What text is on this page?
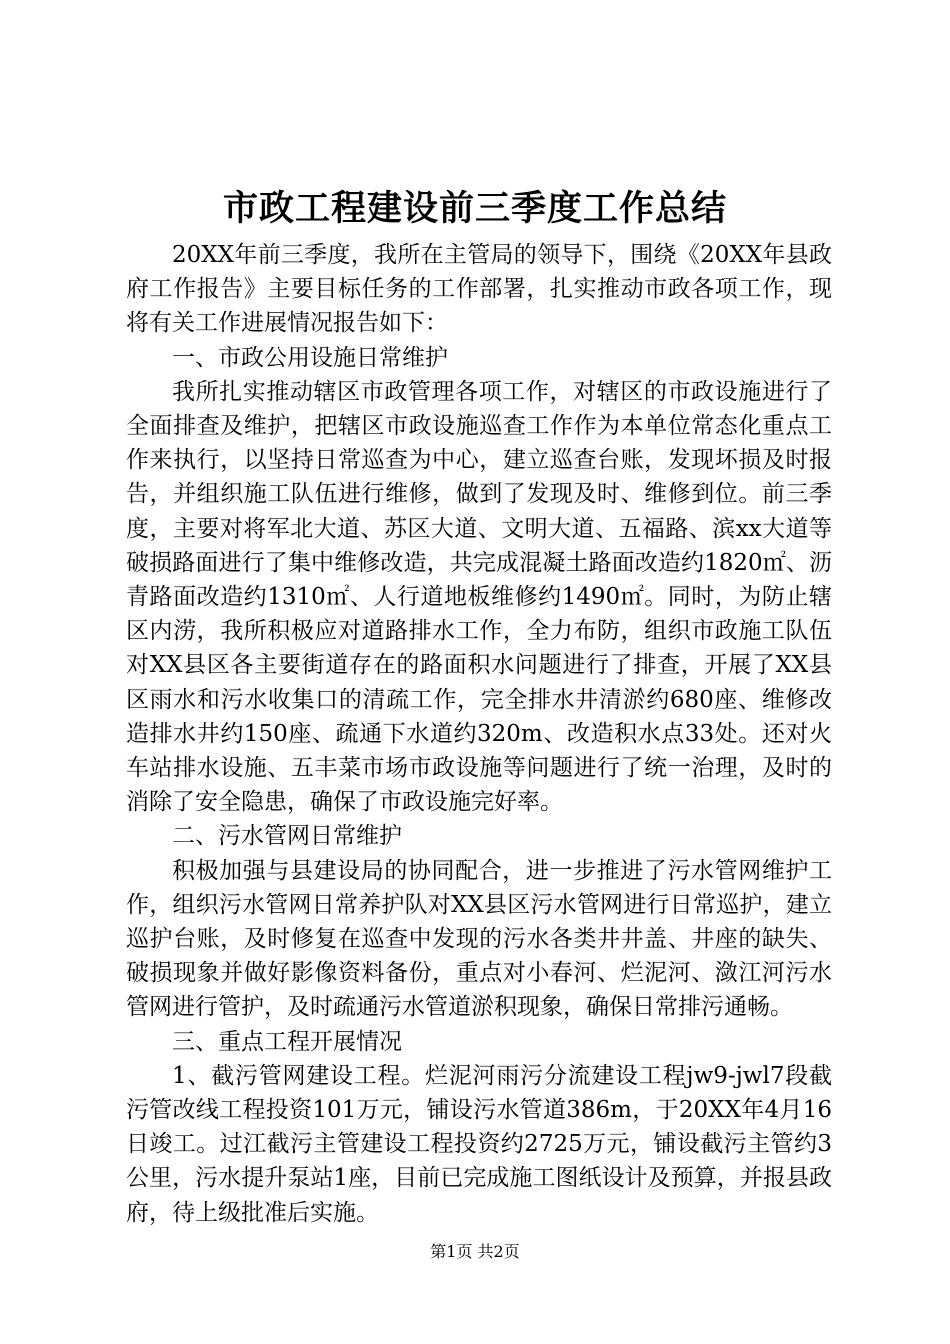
市政工程建设前三季度工作总结

20XX年前三季度，我所在主管局的领导下，围绕《20XX年县政府工作报告》主要目标任务的工作部署，扎实推动市政各项工作，现将有关工作进展情况报告如下：

一、市政公用设施日常维护

我所扎实推动辖区市政管理各项工作，对辖区的市政设施进行了全面排查及维护，把辖区市政设施巡查工作作为本单位常态化重点工作来执行，以坚持日常巡查为中心，建立巡查台账，发现坏损及时报告，并组织施工队伍进行维修，做到了发现及时、维修到位。前三季度，主要对将军北大道、苏区大道、文明大道、五福路、滨xx大道等破损路面进行了集中维修改造，共完成混凝土路面改造约1820㎡、沥青路面改造约1310㎡、人行道地板维修约1490㎡。同时，为防止辖区内涝，我所积极应对道路排水工作，全力布防，组织市政施工队伍对XX县区各主要街道存在的路面积水问题进行了排查，开展了XX县区雨水和污水收集口的清疏工作，完全排水井清淤约680座、维修改造排水井约150座、疏通下水道约320m、改造积水点33处。还对火车站排水设施、五丰菜市场市政设施等问题进行了统一治理，及时的消除了安全隐患，确保了市政设施完好率。

二、污水管网日常维护

积极加强与县建设局的协同配合，进一步推进了污水管网维护工作，组织污水管网日常养护队对XX县区污水管网进行日常巡护，建立巡护台账，及时修复在巡查中发现的污水各类井井盖、井座的缺失、破损现象并做好影像资料备份，重点对小春河、烂泥河、潋江河污水管网进行管护，及时疏通污水管道淤积现象，确保日常排污通畅。

三、重点工程开展情况

1、截污管网建设工程。烂泥河雨污分流建设工程jw9-jwl7段截污管改线工程投资101万元，铺设污水管道386m，于20XX年4月16日竣工。过江截污主管建设工程投资约2725万元，铺设截污主管约3公里，污水提升泵站1座，目前已完成施工图纸设计及预算，并报县政府，待上级批准后实施。

第1页 共2页
